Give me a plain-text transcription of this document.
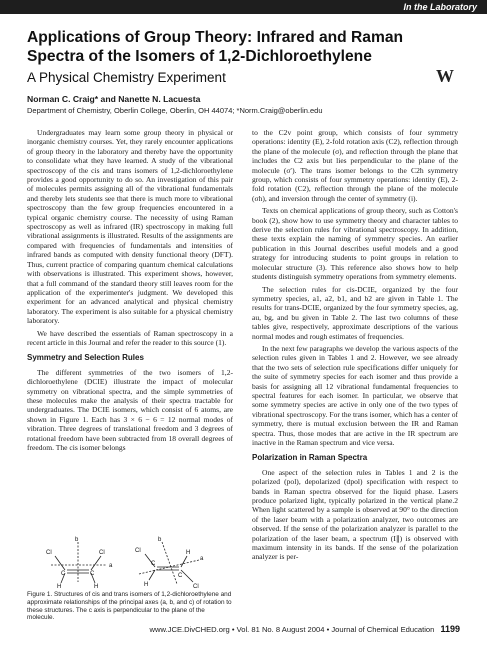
In the Laboratory
Applications of Group Theory: Infrared and Raman Spectra of the Isomers of 1,2-Dichloroethylene
A Physical Chemistry Experiment	W
Norman C. Craig* and Nanette N. Lacuesta
Department of Chemistry, Oberlin College, Oberlin, OH 44074; *Norm.Craig@oberlin.edu

Undergraduates may learn some group theory in physical or inorganic chemistry courses. Yet, they rarely encounter applications of group theory in the laboratory and thereby have the opportunity to consolidate what they have learned. A study of the vibrational spectroscopy of the cis and trans isomers of 1,2-dichloroethylene provides a good opportunity to do so. An investigation of this pair of molecules permits assigning all of the vibrational fundamentals and thereby lets students see that there is much more to vibrational spectroscopy than the few group frequencies encountered in a typical organic chemistry course. The necessity of using Raman spectroscopy as well as infrared (IR) spectroscopy in making full vibrational assignments is illustrated. Results of the assignments are compared with frequencies of fundamentals and intensities of infrared bands as computed with density functional theory (DFT). Thus, current practice of comparing quantum chemical calculations with observations is illustrated. This experiment shows, however, that a full command of the standard theory still leaves room for the application of the experimenter's judgment. We developed this experiment for an advanced analytical and physical chemistry laboratory. The experiment is also suitable for a physical chemistry laboratory.

We have described the essentials of Raman spectroscopy in a recent article in this Journal and refer the reader to this source (1).

Symmetry and Selection Rules

The different symmetries of the two isomers of 1,2-dichloroethylene (DCIE) illustrate the impact of molecular symmetry on vibrational spectra, and the simple symmetries of these molecules make the analysis of their spectra tractable for undergraduates. The DCIE isomers, which consist of 6 atoms, are shown in Figure 1. Each has 3 × 6 − 6 = 12 normal modes of vibration. Three degrees of translational freedom and 3 degrees of rotational freedom have been subtracted from 18 overall degrees of freedom. The cis isomer belongs

b
a
Cl	Cl
C	C
H	H
b
a
Cl
Cl
C
C
H
H
Figure 1. Structures of cis and trans isomers of 1,2-dichloroethylene and approximate relationships of the principal axes (a, b, and c) of rotation to these structures. The c axis is perpendicular to the plane of the molecule.

to the C2v point group, which consists of four symmetry operations: identity (E), 2-fold rotation axis (C2), reflection through the plane of the molecule (σ), and reflection through the plane that includes the C2 axis but lies perpendicular to the plane of the molecule (σ′). The trans isomer belongs to the C2h symmetry group, which consists of four symmetry operations: identity (E), 2-fold rotation (C2), reflection through the plane of the molecule (σh), and inversion through the center of symmetry (i).

Texts on chemical applications of group theory, such as Cotton's book (2), show how to use symmetry theory and character tables to derive the selection rules for vibrational spectroscopy. In addition, these texts explain the naming of symmetry species. An earlier publication in this Journal describes useful models and a good strategy for introducing students to point groups in relation to molecular structure (3). This reference also shows how to help students distinguish symmetry operations from symmetry elements.

The selection rules for cis-DCIE, organized by the four symmetry species, a1, a2, b1, and b2 are given in Table 1. The results for trans-DCIE, organized by the four symmetry species, ag, au, bg, and bu given in Table 2. The last two columns of these tables give, respectively, approximate descriptions of the various normal modes and rough estimates of frequencies.

In the next few paragraphs we develop the various aspects of the selection rules given in Tables 1 and 2. However, we see already that the two sets of selection rule specifications differ uniquely for the suite of symmetry species for each isomer and thus provide a basis for assigning all 12 vibrational fundamental frequencies to spectral features for each isomer. In particular, we observe that some symmetry species are active in only one of the two types of vibrational spectroscopy. For the trans isomer, which has a center of symmetry, there is mutual exclusion between the IR and Raman spectra. Thus, those modes that are active in the IR spectrum are inactive in the Raman spectrum and vice versa.

Polarization in Raman Spectra

One aspect of the selection rules in Tables 1 and 2 is the polarized (pol), depolarized (dpol) specification with respect to bands in Raman spectra observed for the liquid phase. Lasers produce polarized light, typically polarized in the vertical plane.2 When light scattered by a sample is observed at 90° to the direction of the laser beam with a polarization analyzer, two outcomes are observed. If the sense of the polarization analyzer is parallel to the polarization of the laser beam, a spectrum (I∥) is observed with maximum intensity in its bands. If the sense of the polarization analyzer is per-

www.JCE.DivCHED.org • Vol. 81 No. 8 August 2004 • Journal of Chemical Education 1199
